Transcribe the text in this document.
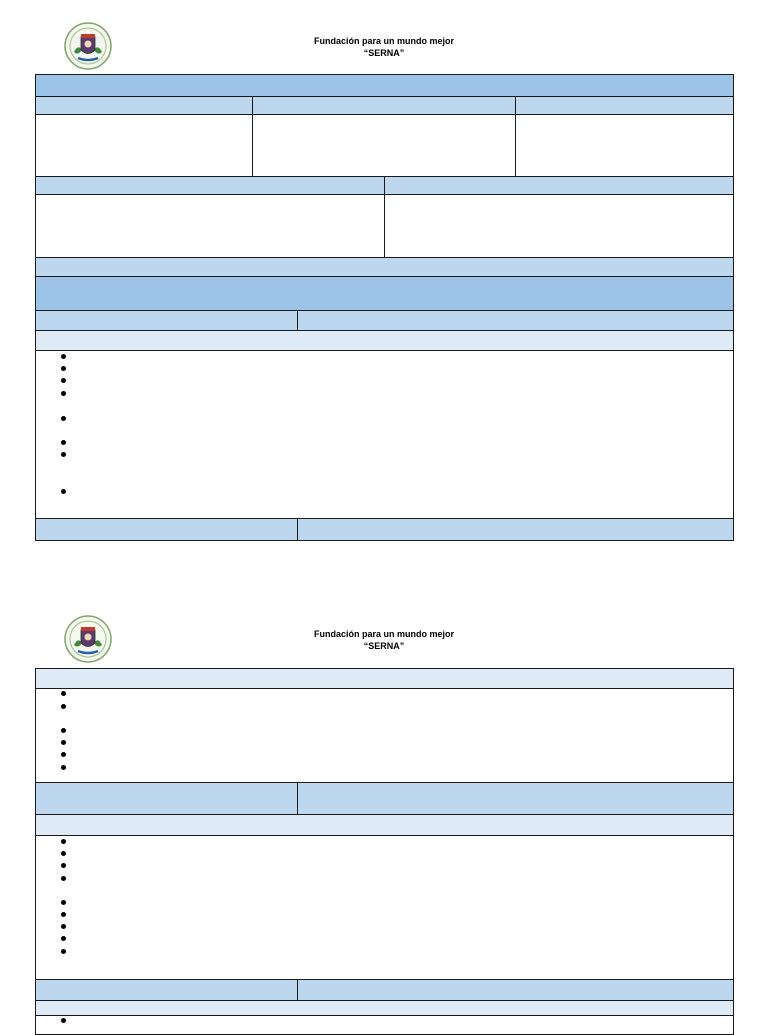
Fundación para un mundo mejor
“SERNA”
Fundación para un mundo mejor
“SERNA”
